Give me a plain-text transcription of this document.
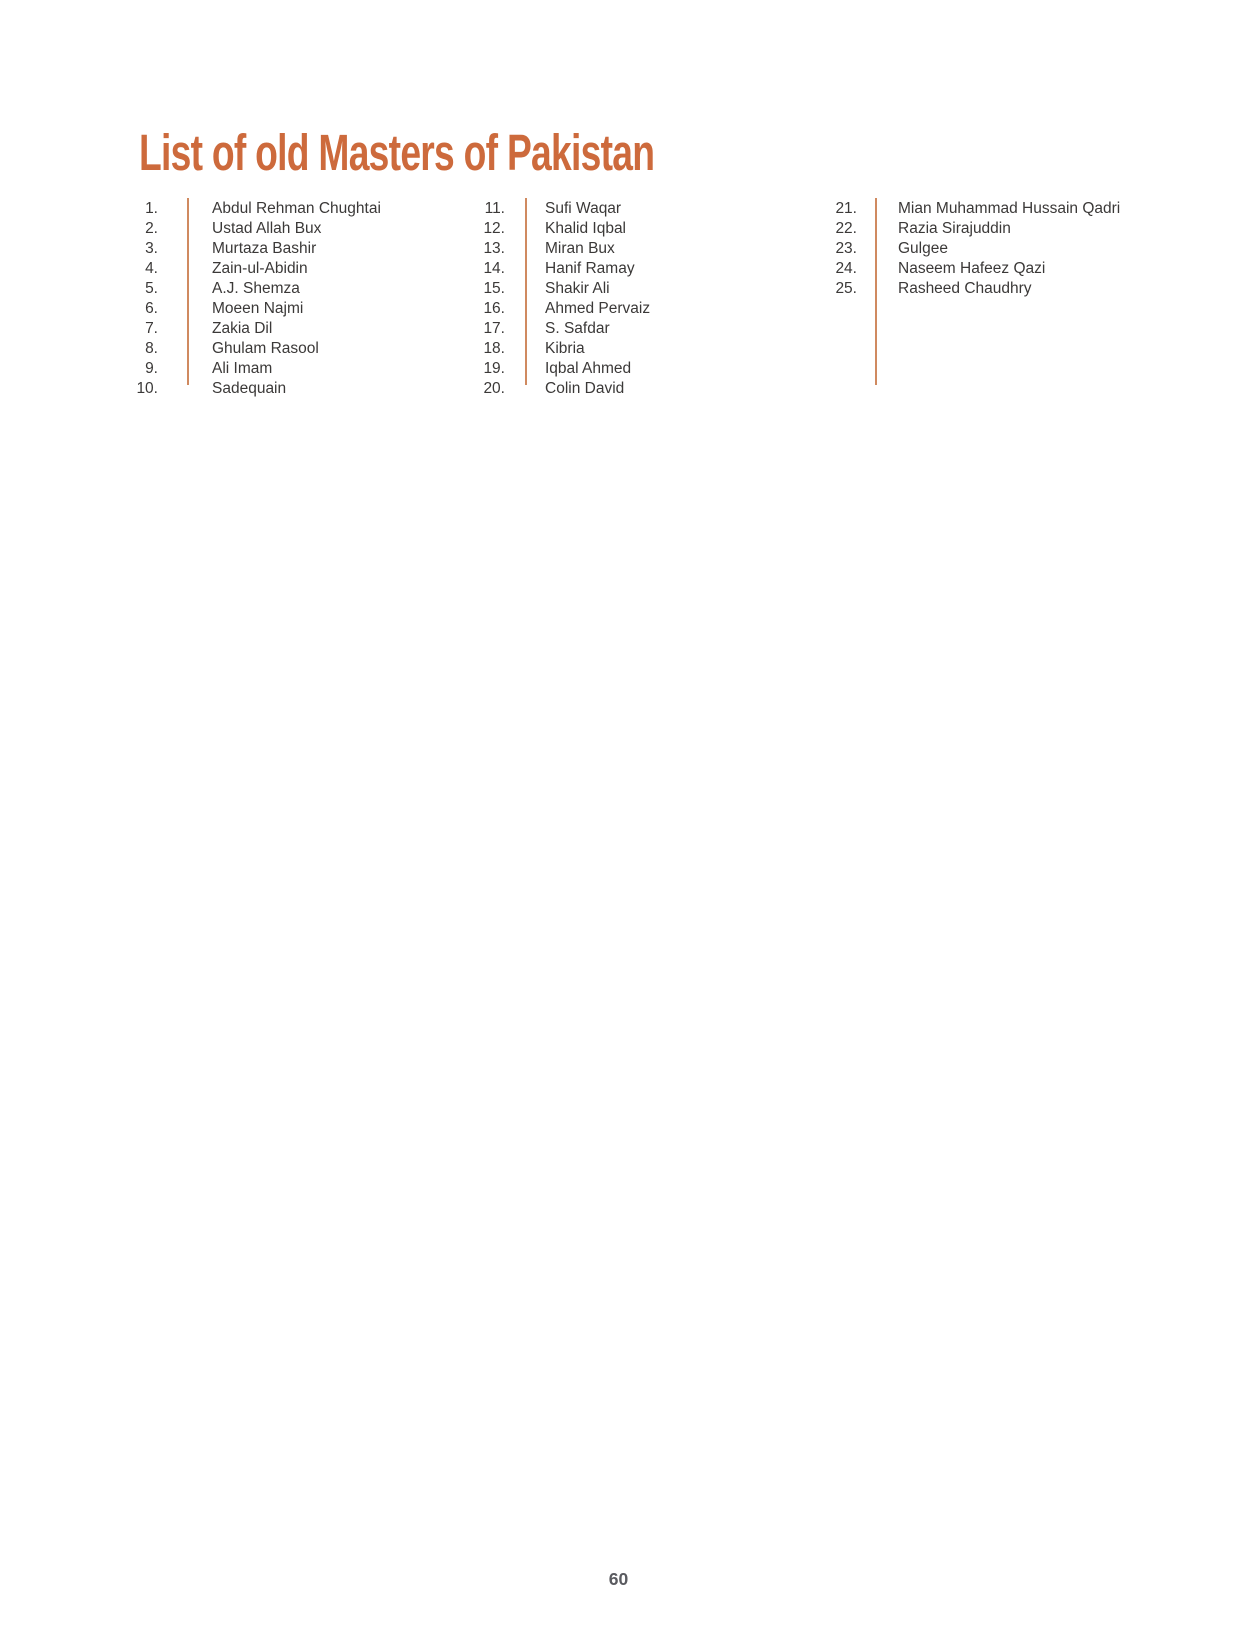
List of old Masters of Pakistan
1.	Abdul Rehman Chughtai
2.	Ustad Allah Bux
3.	Murtaza Bashir
4.	Zain-ul-Abidin
5.	A.J. Shemza
6.	Moeen Najmi
7.	Zakia Dil
8.	Ghulam Rasool
9.	Ali Imam
10.	Sadequain
11.	Sufi Waqar
12.	Khalid Iqbal
13.	Miran Bux
14.	Hanif Ramay
15.	Shakir Ali
16.	Ahmed Pervaiz
17.	S. Safdar
18.	Kibria
19.	Iqbal Ahmed
20.	Colin David
21.	Mian Muhammad Hussain Qadri
22.	Razia Sirajuddin
23.	Gulgee
24.	Naseem Hafeez Qazi
25.	Rasheed Chaudhry
60
